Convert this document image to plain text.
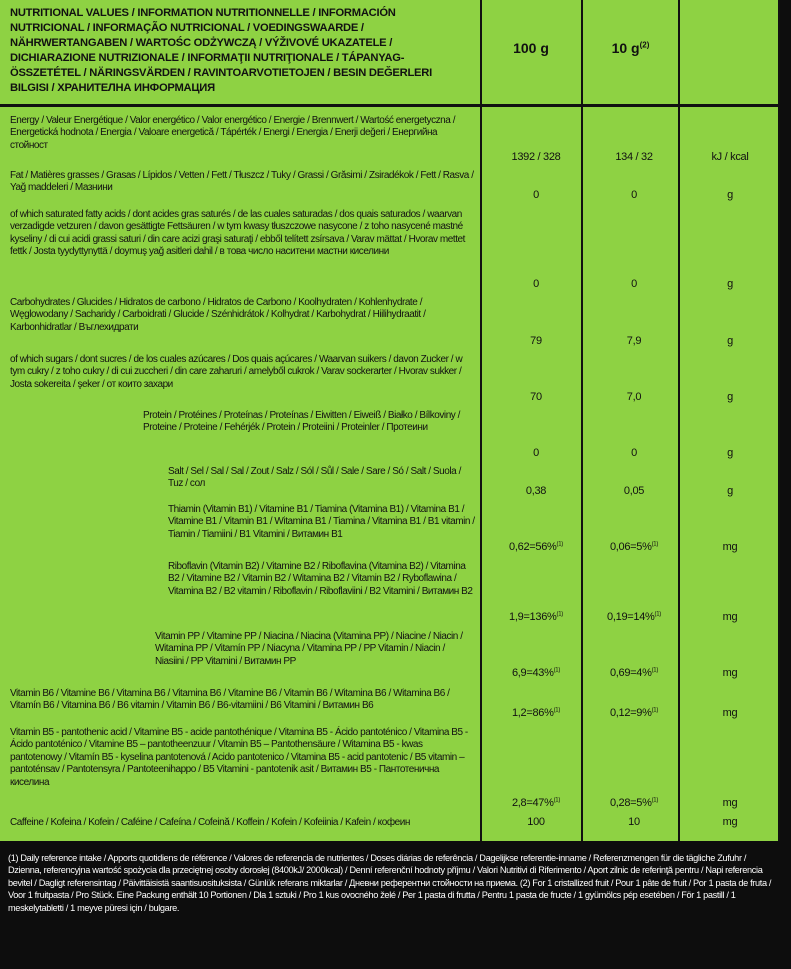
NUTRITIONAL VALUES / INFORMATION NUTRITIONNELLE / INFORMACIÓN NUTRICIONAL / INFORMAÇÃO NUTRICIONAL / VOEDINGSWAARDE / NÄHRWERTANGABEN / WARTOŚC ODŻYWCZĄ / VÝŽIVOVÉ UKAZATELE / DICHIARAZIONE NUTRIZIONALE / INFORMAŢII NUTRIŢIONALE / TÁPANYAG-ÖSSZETÉTEL / NÄRINGSVÄRDEN / RAVINTOARVOTIETOJEN / BESIN DEĞERLERI BILGISI / ХРАНИТЕЛНА ИНФОРМАЦИЯ
100 g	10 $g^{(2)}$
Energy / Valeur Energétique / Valor energético / Valor energético / Energie / Brennwert / Wartość energetyczna / Energetická hodnota / Energia / Valoare energetică / Tápérték / Energi / Energia / Enerji değeri / Енергийна стойност
1392 / 328	134 / 32	kJ / kcal
Fat / Matières grasses / Grasas / Lípidos / Vetten / Fett / Tłuszcz / Tuky / Grassi / Grăsimi / Zsiradékok / Fett / Rasva / Yağ maddeleri / Мазнини
0	0	g
of which saturated fatty acids / dont acides gras saturés / de las cuales saturadas / dos quais saturados / waarvan verzadigde vetzuren / davon gesättigte Fettsäuren / w tym kwasy tłuszczowe nasycone / z toho nasycené mastné kyseliny / di cui acidi grassi saturi / din care acizi graşi saturaţi / ebből telített zsírsava / Varav mättat / Hvorav mettet fettk / Josta tyydyttynyttä / doymuş yağ asitleri dahil / в това число наситени мастни киселини
0	0	g
Carbohydrates / Glucides / Hidratos de carbono / Hidratos de Carbono / Koolhydraten / Kohlenhydrate / Węglowodany / Sacharidy / Carboidrati / Glucide / Szénhidrátok / Kolhydrat / Karbohydrat / Hiilihydraatit / Karbonhidratlar / Въглехидрати
79	7,9	g
of which sugars / dont sucres / de los cuales azúcares / Dos quais açúcares / Waarvan suikers / davon Zucker / w tym cukry / z toho cukry / di cui zuccheri / din care zaharuri / amelyből cukrok / Varav sockerarter / Hvorav sukker / Josta sokereita / şeker / от които захари
70	7,0	g
Protein / Protéines / Proteínas / Proteínas / Eiwitten / Eiweiß / Białko / Bílkoviny / Proteine / Proteine / Fehérjék / Protein / Proteiini / Proteinler / Протеини
0	0	g
Salt / Sel / Sal / Sal / Zout / Salz / Sól / Sůl / Sale / Sare / Só / Salt / Suola / Tuz / сол
0,38	0,05	g
Thiamin (Vitamin B1) / Vitamine B1 / Tiamina (Vitamina B1) / Vitamina B1 / Vitamine B1 / Vitamin B1 / Witamina B1 / Tiamina / Vitamina B1 / B1 vitamin / Tiamin / Tiamiini / B1 Vitamini / Витамин В1
0,62=56%$^{(1)}$	0,06=5%$^{(1)}$	mg
Riboflavin (Vitamin B2) / Vitamine B2 / Riboflavina (Vitamina B2) / Vitamina B2 / Vitamine B2 / Vitamin B2 / Witamina B2 / Vitamin B2 / Ryboflawina / Vitamina B2 / B2 vitamin / Riboflavin / Riboflaviini / B2 Vitamini / Витамин В2
1,9=136%$^{(1)}$	0,19=14%$^{(1)}$	mg
Vitamin PP / Vitamine PP / Niacina / Niacina (Vitamina PP) / Niacine / Niacin / Witamina PP / Vitamín PP / Niacyna / Vitamina PP / PP Vitamin / Niacin / Niasiini / PP Vitamini / Витамин РР
6,9=43%$^{(1)}$	0,69=4%$^{(1)}$	mg
Vitamin B6 / Vitamine B6 / Vitamina B6 / Vitamina B6 / Vitamine B6 / Vitamin B6 / Witamina B6 / Witamina B6 / Vitamín B6 / Vitamina B6 / B6 vitamin / Vitamin B6 / B6-vitamiini / B6 Vitamini / Витамин В6
1,2=86%$^{(1)}$	0,12=9%$^{(1)}$	mg
Vitamin B5 - pantothenic acid / Vitamine B5 - acide pantothénique / Vitamina B5 - Ácido pantoténico / Vitamina B5 - Ácido pantoténico / Vitamine B5 – pantotheenzuur / Vitamin B5 – Pantothensäure / Witamina B5 - kwas pantotenowy / Vitamín B5 - kyselina pantotenová / Acido pantotenico / Vitamina B5 - acid pantotenic / B5 vitamin – pantoténsav / Pantotensyra / Pantoteenihappo / B5 Vitamini - pantotenik asit / Витамин В5 - Пантотенична киселина
2,8=47%$^{(1)}$	0,28=5%$^{(1)}$	mg
Caffeine / Kofeina / Kofein / Caféine / Cafeína / Cofeină / Koffein / Kofein / Kofeiinia / Kafein / кофеин	100	10	mg
(1) Daily reference intake / Apports quotidiens de référence / Valores de referencia de nutrientes / Doses diárias de referência / Dagelijkse referentie-inname / Referenzmengen für die tägliche Zufuhr / Dzienna, referencyjna wartość spożycia dla przeciętnej osoby dorosłej (8400kJ/ 2000kcal) / Denní referenční hodnoty příjmu / Valori Nutritivi di Riferimento / Aport zilnic de referinţă pentru / Napi referencia bevitel / Dagligt referensintag / Päivittäisistä saantisuosituksista / Günlük referans miktarlar / Дневни референтни стойности на приема. (2) For 1 cristallized fruit / Pour 1 pâte de fruit / Por 1 pasta de fruta / Voor 1 fruitpasta / Pro Stück. Eine Packung enthält 10 Portionen / Dla 1 sztuki / Pro 1 kus ovocného želé / Per 1 pasta di frutta / Pentru 1 pasta de fructe / 1 gyümölcs pép esetében / För 1 pastill / 1 meskelytabletti / 1 meyve püresi için / bulgare.
